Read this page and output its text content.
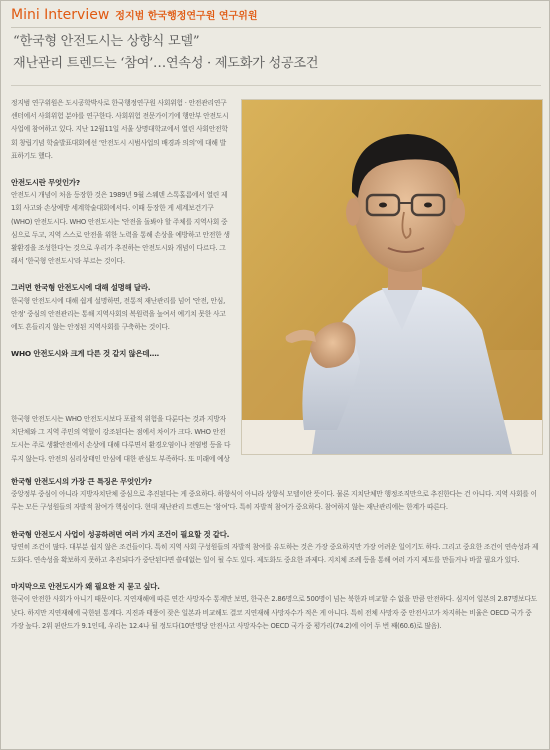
Mini Interview 정지범 한국행정연구원 연구위원
“한국형 안전도시는 상향식 모델”
재난관리 트렌드는 ‘참여’…연속성 · 제도화가 성공조건

정지범 연구위원은 도시공학박사로 한국행정연구원 사회위험 · 안전관리연구센터에서 사회위험 분야를 연구한다. 사회위험 전문가이기에 행안부 안전도시 사업에 참여하고 있다. 지난 12월11일 서울 상명대학교에서 열린 사회안전학회 창립기념 학술발표대회에선 ‘안전도시 시범사업의 배경과 의의’에 대해 발표하기도 했다.

안전도시란 무엇인가?

안전도시 개념이 처음 등장한 것은 1989년 9월 스웨덴 스톡홀름에서 열린 제1회 사고와 손상예방 세계학술대회에서다. 이때 등장한 게 세계보건기구(WHO) 안전도시다. WHO 안전도시는 '안전을 돌봐야 할 주체를 지역사회 중심으로 두고, 지역 스스로 안전을 위한 노력을 통해 손상을 예방하고 안전한 생활환경을 조성한다'는 것으로 우리가 추진하는 안전도시와 개념이 다르다. 그래서 '한국형 안전도시'라 부르는 것이다.

그러면 한국형 안전도시에 대해 설명해 달라.

한국형 안전도시에 대해 쉽게 설명하면, 전통적 재난관리를 넘어 '안전, 안심, 안정' 중심의 안전관리는 통해 지역사회의 복원력을 높여서 예기치 못한 사고에도 흔들리지 않는 안정된 지역사회를 구축하는 것이다.

WHO 안전도시와 크게 다른 것 같지 않은데….

한국형 안전도시는 WHO 안전도시보다 포괄적 위험을 다룬다는 것과 지방자치단체와 그 지역 주민의 역할이 강조된다는 점에서 차이가 크다. WHO 안전도시는 주로 생활안전에서 손상에 대해 다루면서 환경오염이나 전염병 등을 다루지 않는다. 안전의 심리상태인 안심에 대한 관심도 부족하다. 또 미래에 예상

한국형 안전도시의 가장 큰 특징은 무엇인가?

중앙정부 중심이 아니라 지방자치단체 중심으로 추진된다는 게 중요하다. 하향식이 아니라 상향식 모델이란 뜻이다. 물론 지치단체만 행정조직만으로 추진한다는 건 아니다. 지역 사회를 이루는 모든 구성원들의 자발적 참여가 핵심이다. 현대 재난관리 트렌드는 '참여'다. 특히 자발적 참여가 중요하다. 참여하지 않는 재난관리에는 한계가 따른다.

한국형 안전도시 사업이 성공하려면 여러 가지 조건이 필요할 것 같다.

당연히 조건이 많다. 대부분 쉽지 않은 조건들이다. 특히 지역 사회 구성원들의 자발적 참여를 유도하는 것은 가장 중요하지만 가장 어려운 일이기도 하다. 그리고 중요한 조건이 연속성과 제도화다. 연속성을 확보하지 못하고 추진되다가 중단된다면 쓸데없는 일이 될 수도 있다. 제도화도 중요한 과제다. 지치체 조례 등을 통해 여러 가지 제도를 만들거나 바꿀 필요가 있다.

마지막으로 안전도시가 왜 필요한 지 묻고 싶다.

한국이 안전한 사회가 아니기 때문이다. 지연재해에 따른 연간 사망자수 통계만 보면, 한국은 2.86명으로 500명이 넘는 북한과 비교할 수 없을 만큼 안전하다. 심지어 일본의 2.87명보다도 낮다. 하지만 지연재해에 국한된 통계다. 지진과 태풍이 잦은 일본과 비교해도 결코 지연재해 사망자수가 적은 게 아니다. 특히 전체 사망자 중 안전사고가 차지하는 비율은 OECD 국가 중 가장 높다. 2위 핀란드가 9.1인데, 우리는 12.4나 될 정도다(10만명당 안전사고 사망자수는 OECD 국가 중 평가리(74.2)에 이어 두 번 째(60.6)로 많음).
